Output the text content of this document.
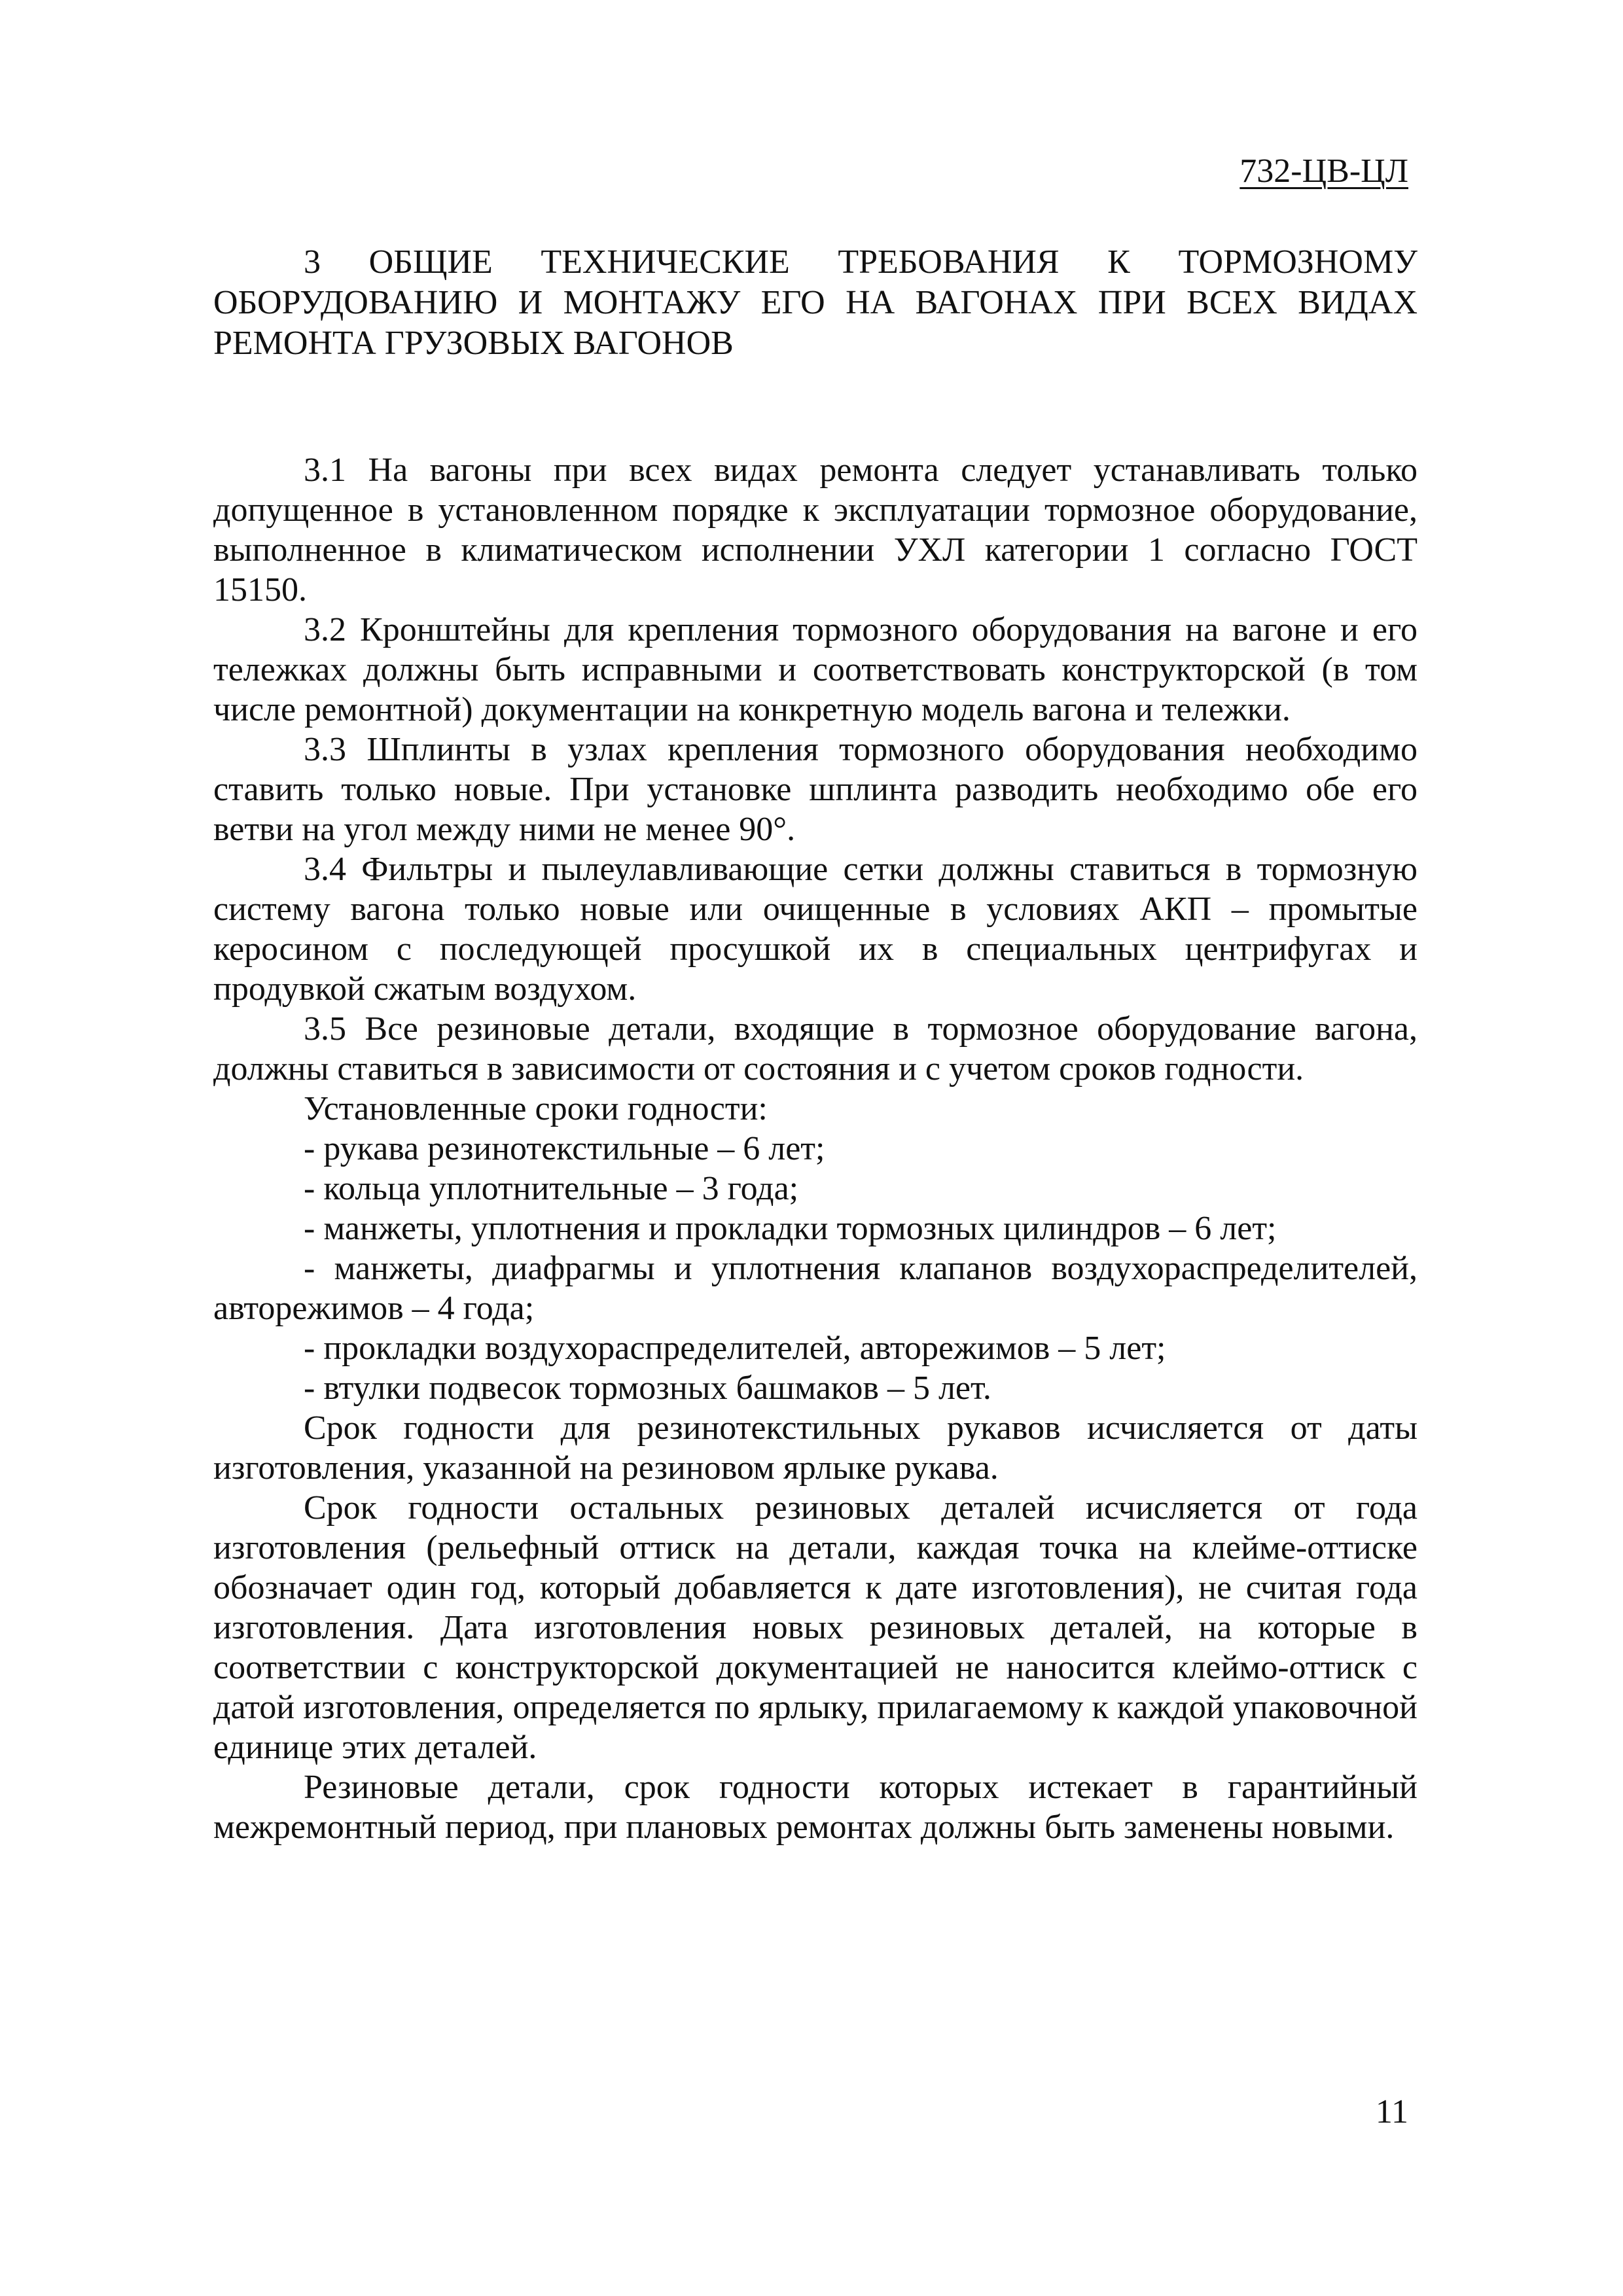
732-ЦВ-ЦЛ
3 ОБЩИЕ ТЕХНИЧЕСКИЕ ТРЕБОВАНИЯ К ТОРМОЗНОМУ ОБОРУДОВАНИЮ И МОНТАЖУ ЕГО НА ВАГОНАХ ПРИ ВСЕХ ВИДАХ РЕМОНТА ГРУЗОВЫХ ВАГОНОВ

3.1 На вагоны при всех видах ремонта следует устанавливать только допущенное в установленном порядке к эксплуатации тормозное оборудование, выполненное в климатическом исполнении УХЛ категории 1 согласно ГОСТ 15150.

3.2 Кронштейны для крепления тормозного оборудования на вагоне и его тележках должны быть исправными и соответствовать конструкторской (в том числе ремонтной) документации на конкретную модель вагона и тележки.

3.3 Шплинты в узлах крепления тормозного оборудования необходимо ставить только новые. При установке шплинта разводить необходимо обе его ветви на угол между ними не менее 90°.

3.4 Фильтры и пылеулавливающие сетки должны ставиться в тормозную систему вагона только новые или очищенные в условиях АКП – промытые керосином с последующей просушкой их в специальных центрифугах и продувкой сжатым воздухом.

3.5 Все резиновые детали, входящие в тормозное оборудование вагона, должны ставиться в зависимости от состояния и с учетом сроков годности.

Установленные сроки годности:

- рукава резинотекстильные – 6 лет;

- кольца уплотнительные – 3 года;

- манжеты, уплотнения и прокладки тормозных цилиндров – 6 лет;

- манжеты, диафрагмы и уплотнения клапанов воздухораспределителей, авторежимов – 4 года;

- прокладки воздухораспределителей, авторежимов – 5 лет;

- втулки подвесок тормозных башмаков – 5 лет.

Срок годности для резинотекстильных рукавов исчисляется от даты изготовления, указанной на резиновом ярлыке рукава.

Срок годности остальных резиновых деталей исчисляется от года изготовления (рельефный оттиск на детали, каждая точка на клейме-оттиске обозначает один год, который добавляется к дате изготовления), не считая года изготовления. Дата изготовления новых резиновых деталей, на которые в соответствии с конструкторской документацией не наносится клеймо-оттиск с датой изготовления, определяется по ярлыку, прилагаемому к каждой упаковочной единице этих деталей.

Резиновые детали, срок годности которых истекает в гарантийный межремонтный период, при плановых ремонтах должны быть заменены новыми.

11
